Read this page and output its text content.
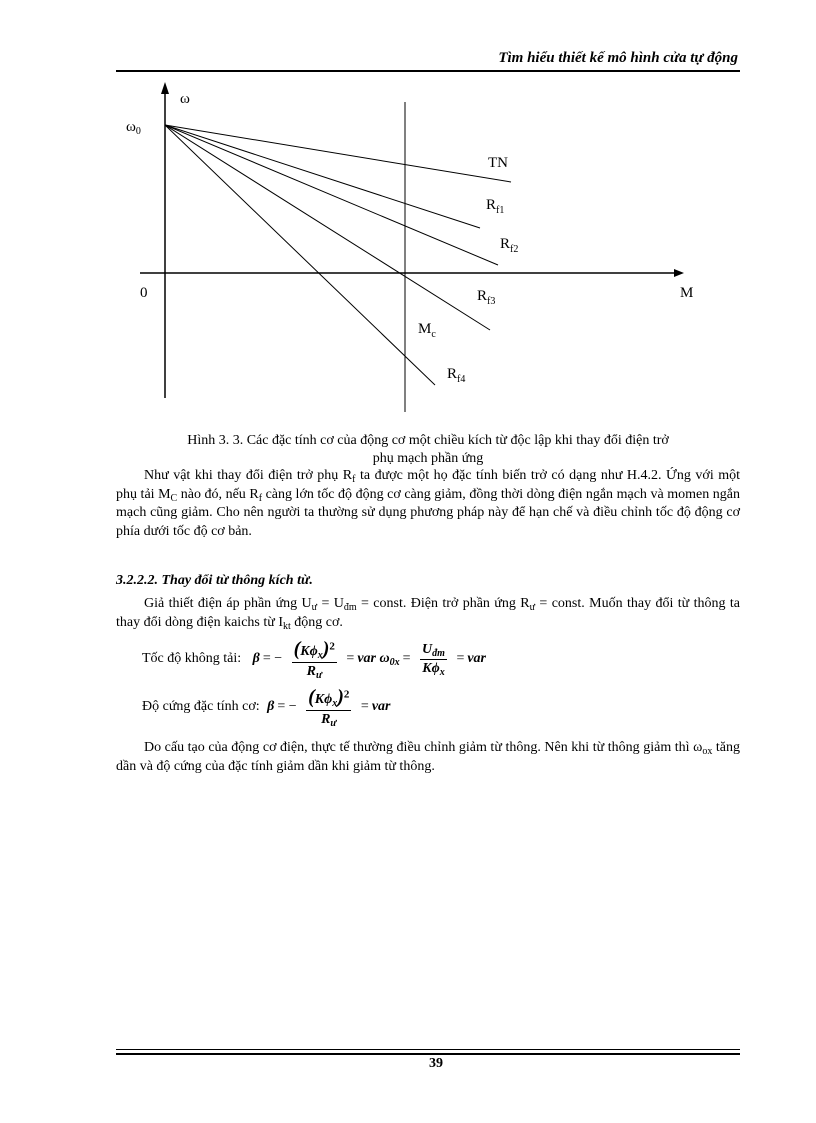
Tìm hiểu thiết kế mô hình cửa tự động
ω
$\omega_0$
0	M
$M_c$
TN
$R_{f1}$
$R_{f2}$
$R_{f3}$
$R_{f4}$
Hình 3. 3. Các đặc tính cơ của động cơ một chiều kích từ độc lập khi thay đổi điện trở
phụ mạch phần ứng
Như vật khi thay đổi điện trở phụ $R_f$ ta được một họ đặc tính biến trở có dạng như H.4.2. Ứng với một phụ tải $M_C$ nào đó, nếu $R_f$ càng lớn tốc độ động cơ càng giảm, đồng thời dòng điện ngắn mạch và momen ngắn mạch cũng giảm. Cho nên người ta thường sử dụng phương pháp này để hạn chế và điều chỉnh tốc độ động cơ phía dưới tốc độ cơ bản.
3.2.2.2. Thay đổi từ thông kích từ.
Giả thiết điện áp phần ứng $U_ư = U_{đm}$ = const. Điện trở phần ứng $R_ư$ = const. Muốn thay đổi từ thông ta thay đổi dòng điện kaichs từ $I_{kt}$ động cơ.
Tốc độ không tải: β = − $\frac{(K\phi_x)^2}{R_ư}$ = var $\omega_{0x} = \frac{U_{đm}}{K\phi_x}$ = var
Độ cứng đặc tính cơ: β = − $\frac{(K\phi_x)^2}{R_ư}$ = var
Do cấu tạo của động cơ điện, thực tế thường điều chỉnh giảm từ thông. Nên khi từ thông giảm thì $\omega_{ox}$ tăng dần và độ cứng của đặc tính giảm dần khi giảm từ thông.
39
